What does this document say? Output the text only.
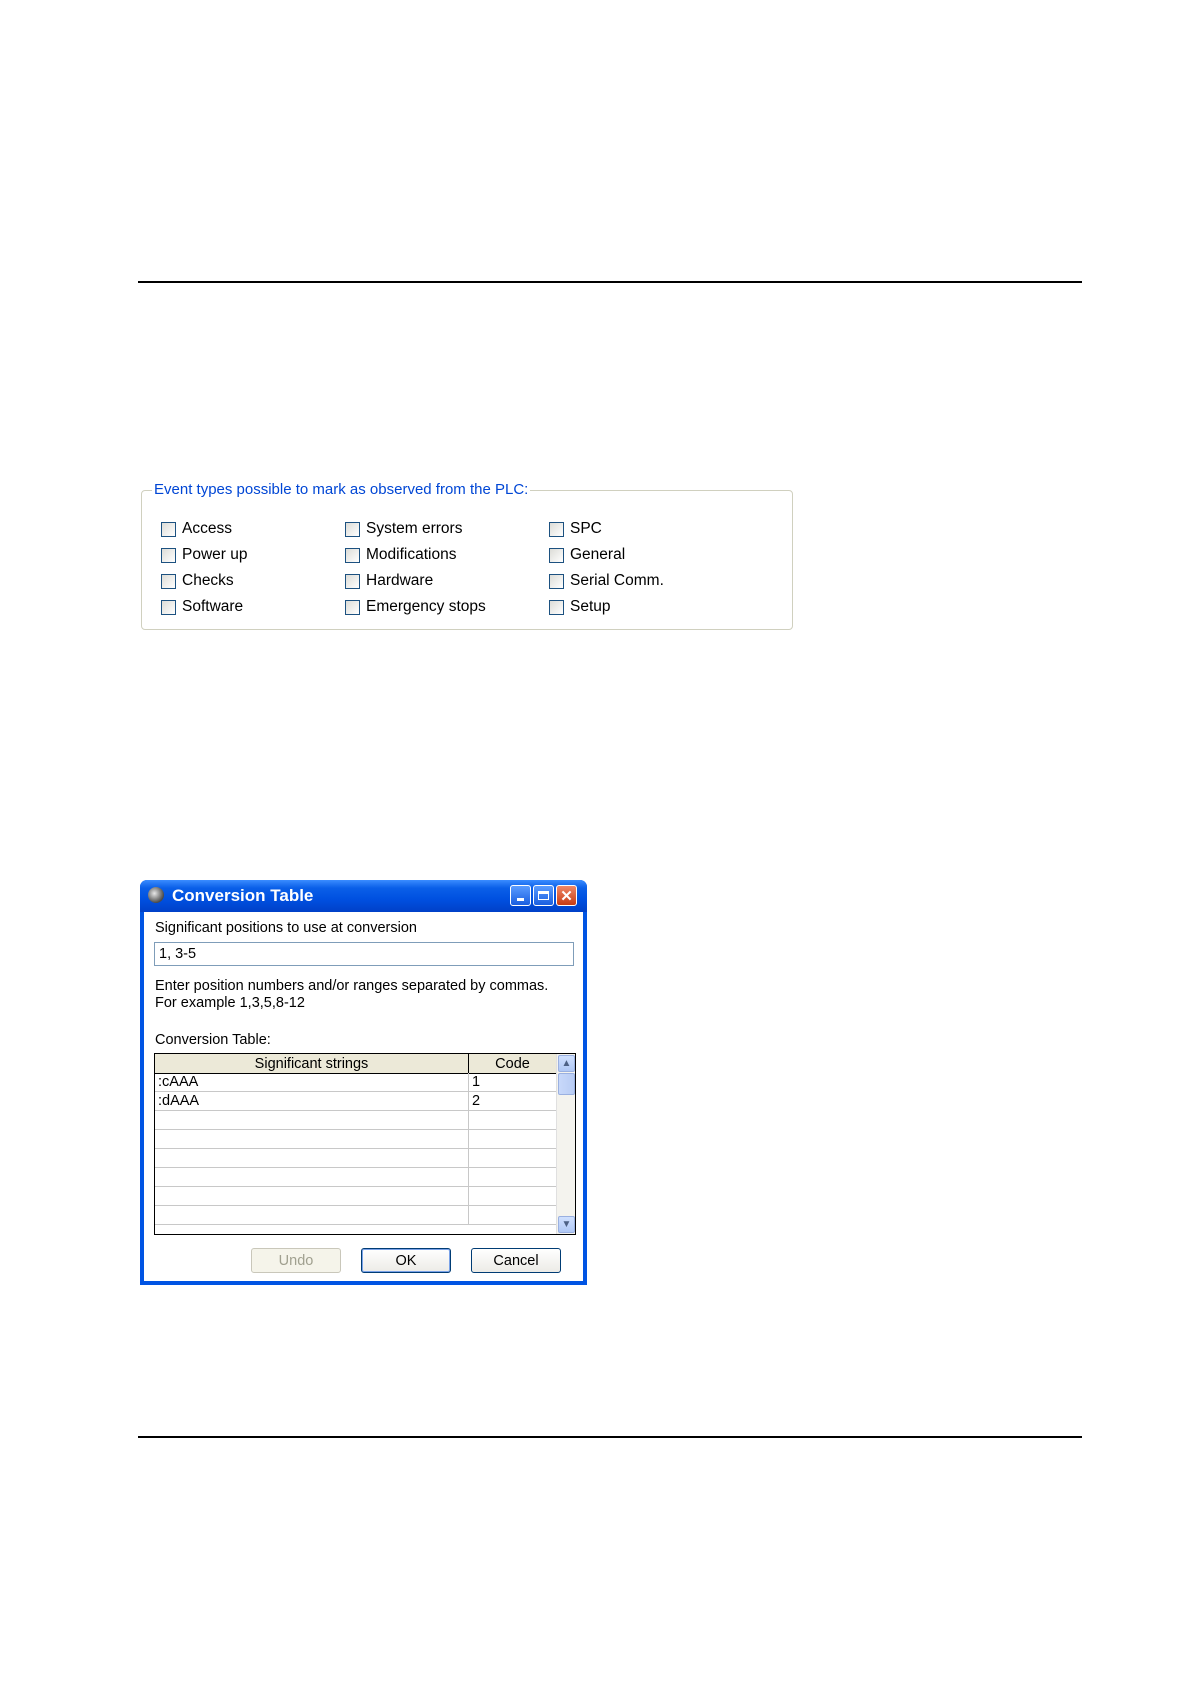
Event types possible to mark as observed from the PLC:
Conversion Table	✕
Significant positions to use at conversion
1, 3-5
Enter position numbers and/or ranges separated by commas. For example 1,3,5,8-12
Conversion Table:
Significant strings	Code
:cAAA	1
:dAAA	2
▲
▼
Undo	OK	Cancel
Access
Power up
Checks
Software
System errors
Modifications
Hardware
Emergency stops
SPC
General
Serial Comm.
Setup
